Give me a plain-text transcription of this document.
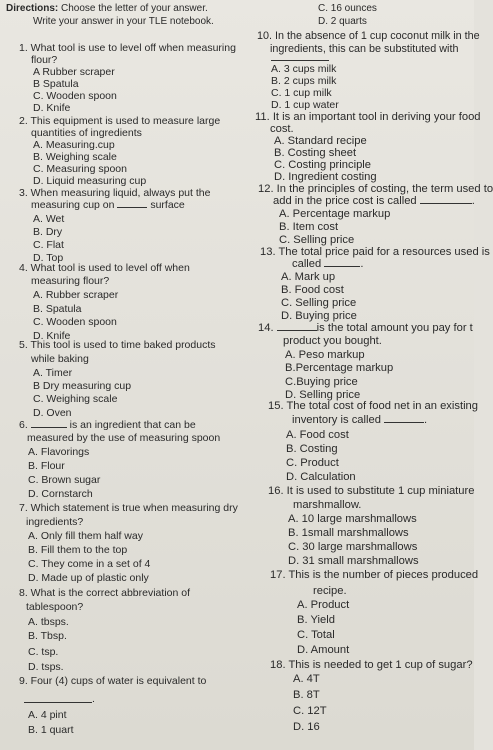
Directions: Choose the letter of your answer.
Write your answer in your TLE notebook.
1. What tool is use to level off when measuring
flour?
A Rubber scraper
B Spatula
C. Wooden spoon
D. Knife
2. This equipment is used to measure large
quantities of ingredients
A. Measuring.cup
B. Weighing scale
C. Measuring spoon
D. Liquid measuring cup
3. When measuring liquid, always put the
measuring cup on	surface
A. Wet
B. Dry
C. Flat
D. Top
4. What tool is used to level off when
measuring flour?
A. Rubber scraper
B. Spatula
C. Wooden spoon
D. Knife
5. This tool is used to time baked products
while baking
A. Timer
B Dry measuring cup
C. Weighing scale
D. Oven
6.	is an ingredient that can be
measured by the use of measuring spoon
A. Flavorings
B. Flour
C. Brown sugar
D. Cornstarch
7. Which statement is true when measuring dry
ingredients?
A. Only fill them half way
B. Fill them to the top
C. They come in a set of 4
D. Made up of plastic only
8. What is the correct abbreviation of
tablespoon?
A. tbsps.
B. Tbsp.
C. tsp.
D. tsps.
9. Four (4) cups of water is equivalent to
.
A. 4 pint
B. 1 quart
C. 16 ounces
D. 2 quarts
10. In the absence of 1 cup coconut milk in the
ingredients, this can be substituted with
A. 3 cups milk
B. 2 cups milk
C. 1 cup milk
D. 1 cup water
11. It is an important tool in deriving your food
cost.
A. Standard recipe
B. Costing sheet
C. Costing principle
D. Ingredient costing
12. In the principles of costing, the term used to
add in the price cost is called	.
A. Percentage markup
B. Item cost
C. Selling price
13. The total price paid for a resources used is
called	.
A. Mark up
B. Food cost
C. Selling price
D. Buying price
14.	is the total amount you pay for t
product you bought.
A. Peso markup
B.Percentage markup
C.Buying price
D. Selling price
15. The total cost of food net in an existing
inventory is called	.
A. Food cost
B. Costing
C. Product
D. Calculation
16. It is used to substitute 1 cup miniature
marshmallow.
A. 10 large marshmallows
B. 1small marshmallows
C. 30 large marshmallows
D. 31 small marshmallows
17. This is the number of pieces produced
recipe.
A. Product
B. Yield
C. Total
D. Amount
18. This is needed to get 1 cup of sugar?
A. 4T
B. 8T
C. 12T
D. 16
